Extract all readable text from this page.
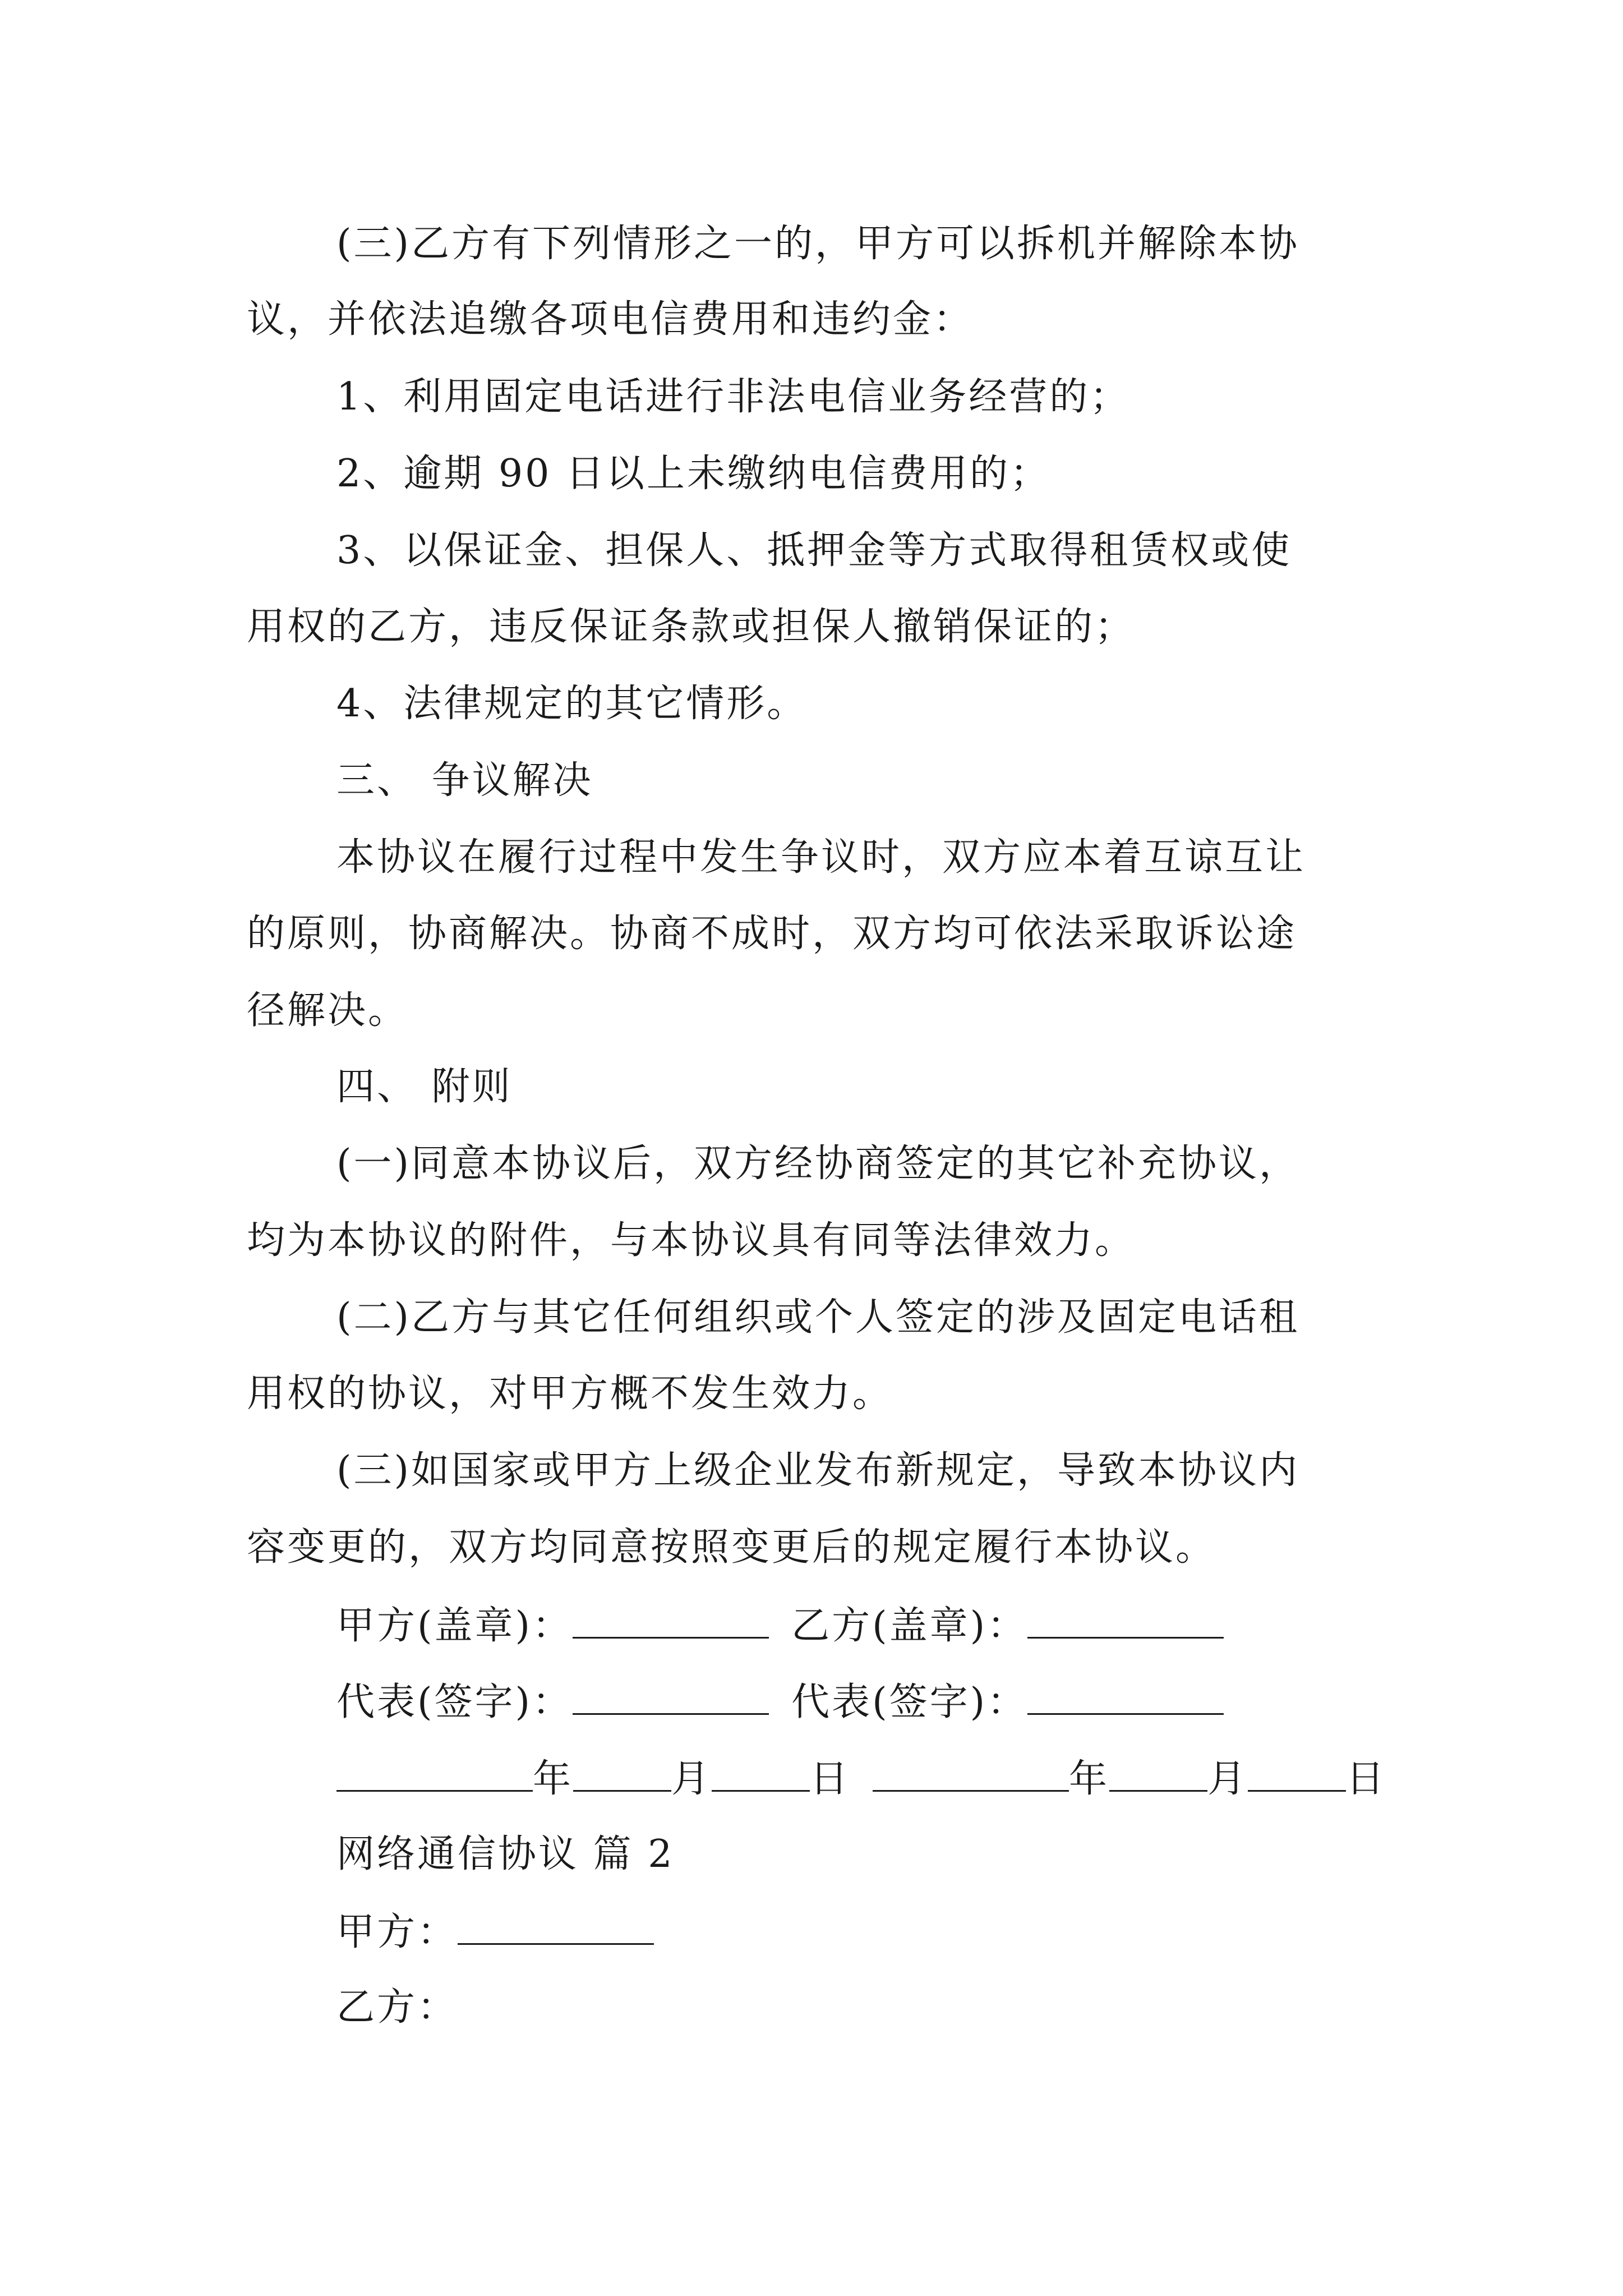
(三)乙方有下列情形之一的，甲方可以拆机并解除本协
议，并依法追缴各项电信费用和违约金：
1、利用固定电话进行非法电信业务经营的；
2、逾期 90 日以上未缴纳电信费用的；
3、以保证金、担保人、抵押金等方式取得租赁权或使
用权的乙方，违反保证条款或担保人撤销保证的；
4、法律规定的其它情形。
三、 争议解决
本协议在履行过程中发生争议时，双方应本着互谅互让
的原则，协商解决。协商不成时，双方均可依法采取诉讼途
径解决。
四、 附则
(一)同意本协议后，双方经协商签定的其它补充协议，
均为本协议的附件，与本协议具有同等法律效力。
(二)乙方与其它任何组织或个人签定的涉及固定电话租
用权的协议，对甲方概不发生效力。
(三)如国家或甲方上级企业发布新规定，导致本协议内
容变更的，双方均同意按照变更后的规定履行本协议。
甲方(盖章)：	乙方(盖章)：
代表(签字)：	代表(签字)：
年	月	日	年	月	日
网络通信协议 篇 2
甲方：
乙方：
